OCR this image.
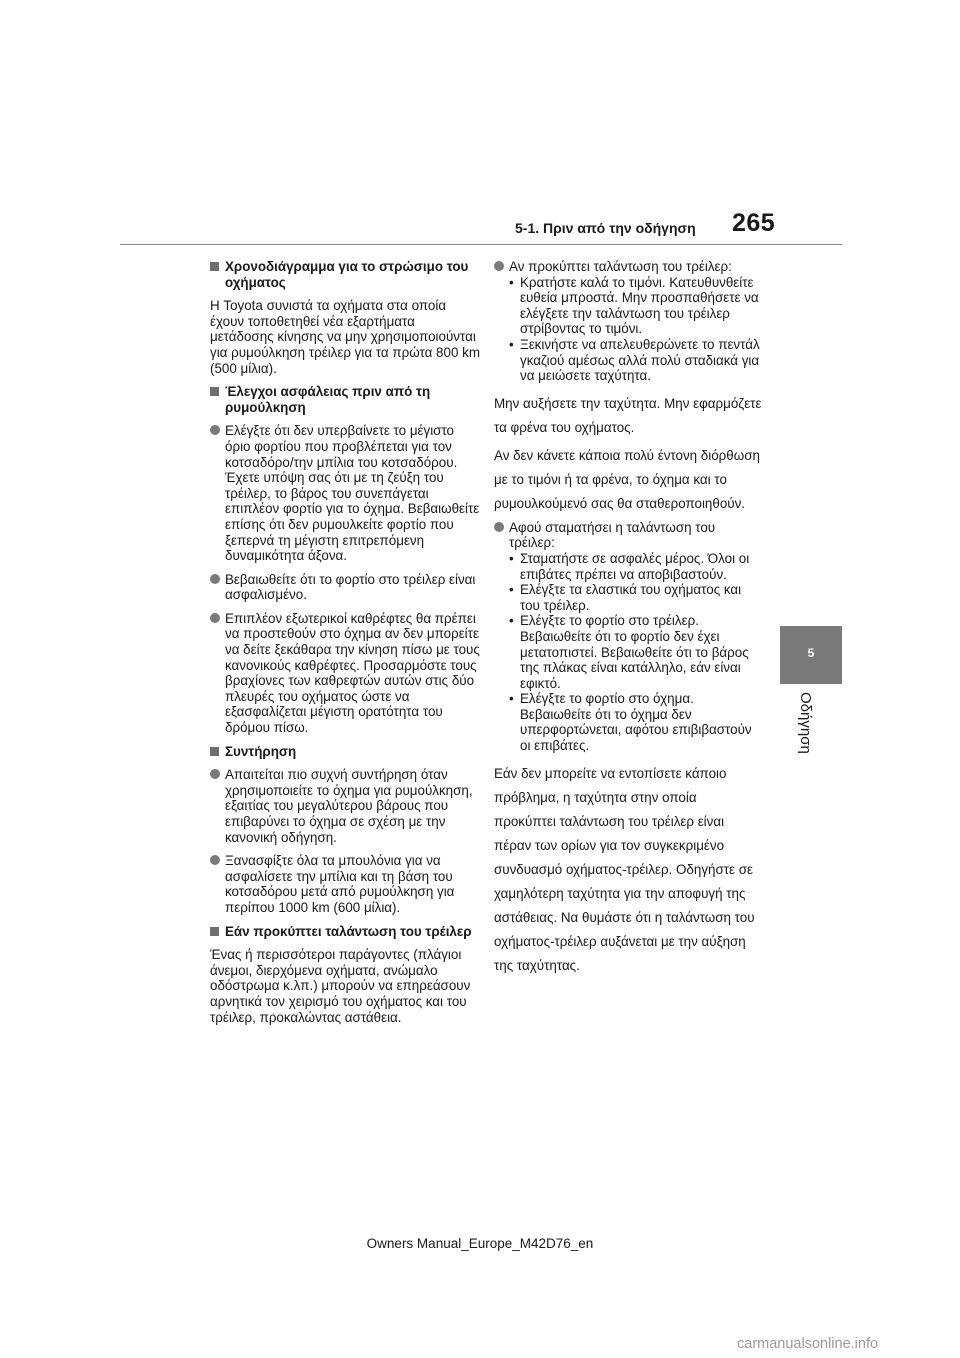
5-1. Πριν από την οδήγηση 265
5
Οδήγηση
Χρονοδιάγραμμα για το στρώσιμο του οχήματος
Η Toyota συνιστά τα οχήματα στα οποία έχουν τοποθετηθεί νέα εξαρτήματα μετάδοσης κίνησης να μην χρησιμοποιούνται για ρυμούλκηση τρέιλερ για τα πρώτα 800 km (500 μίλια).
Έλεγχοι ασφάλειας πριν από τη ρυμούλκηση
Ελέγξτε ότι δεν υπερβαίνετε το μέγιστο όριο φορτίου που προβλέπεται για τον κοτσαδόρο/την μπίλια του κοτσαδόρου. Έχετε υπόψη σας ότι με τη ζεύξη του τρέιλερ, το βάρος του συνεπάγεται επιπλέον φορτίο για το όχημα. Βεβαιωθείτε επίσης ότι δεν ρυμουλκείτε φορτίο που ξεπερνά τη μέγιστη επιτρεπόμενη δυναμικότητα άξονα.
Βεβαιωθείτε ότι το φορτίο στο τρέιλερ είναι ασφαλισμένο.
Επιπλέον εξωτερικοί καθρέφτες θα πρέπει να προστεθούν στο όχημα αν δεν μπορείτε να δείτε ξεκάθαρα την κίνηση πίσω με τους κανονικούς καθρέφτες. Προσαρμόστε τους βραχίονες των καθρεφτών αυτών στις δύο πλευρές του οχήματος ώστε να εξασφαλίζεται μέγιστη ορατότητα του δρόμου πίσω.
Συντήρηση
Απαιτείται πιο συχνή συντήρηση όταν χρησιμοποιείτε το όχημα για ρυμούλκηση, εξαιτίας του μεγαλύτερου βάρους που επιβαρύνει το όχημα σε σχέση με την κανονική οδήγηση.
Ξανασφίξτε όλα τα μπουλόνια για να ασφαλίσετε την μπίλια και τη βάση του κοτσαδόρου μετά από ρυμούλκηση για περίπου 1000 km (600 μίλια).
Εάν προκύπτει ταλάντωση του τρέιλερ
Ένας ή περισσότεροι παράγοντες (πλάγιοι άνεμοι, διερχόμενα οχήματα, ανώμαλο οδόστρωμα κ.λπ.) μπορούν να επηρεάσουν αρνητικά τον χειρισμό του οχήματος και του τρέιλερ, προκαλώντας αστάθεια.
Αν προκύπτει ταλάντωση του τρέιλερ:
• Κρατήστε καλά το τιμόνι. Κατευθυνθείτε ευθεία μπροστά. Μην προσπαθήσετε να ελέγξετε την ταλάντωση του τρέιλερ στρίβοντας το τιμόνι.
• Ξεκινήστε να απελευθερώνετε το πεντάλ γκαζιού αμέσως αλλά πολύ σταδιακά για να μειώσετε ταχύτητα.
Μην αυξήσετε την ταχύτητα. Μην εφαρμόζετε τα φρένα του οχήματος.
Αν δεν κάνετε κάποια πολύ έντονη διόρθωση με το τιμόνι ή τα φρένα, το όχημα και το ρυμουλκούμενό σας θα σταθεροποιηθούν.
Αφού σταματήσει η ταλάντωση του τρέιλερ:
• Σταματήστε σε ασφαλές μέρος. Όλοι οι επιβάτες πρέπει να αποβιβαστούν.
• Ελέγξτε τα ελαστικά του οχήματος και του τρέιλερ.
• Ελέγξτε το φορτίο στο τρέιλερ. Βεβαιωθείτε ότι το φορτίο δεν έχει μετατοπιστεί. Βεβαιωθείτε ότι το βάρος της πλάκας είναι κατάλληλο, εάν είναι εφικτό.
• Ελέγξτε το φορτίο στο όχημα. Βεβαιωθείτε ότι το όχημα δεν υπερφορτώνεται, αφότου επιβιβαστούν οι επιβάτες.
Εάν δεν μπορείτε να εντοπίσετε κάποιο πρόβλημα, η ταχύτητα στην οποία προκύπτει ταλάντωση του τρέιλερ είναι πέραν των ορίων για τον συγκεκριμένο συνδυασμό οχήματος-τρέιλερ. Οδηγήστε σε χαμηλότερη ταχύτητα για την αποφυγή της αστάθειας. Να θυμάστε ότι η ταλάντωση του οχήματος-τρέιλερ αυξάνεται με την αύξηση της ταχύτητας.
Owners Manual_Europe_M42D76_en
carmanualsonline.info
